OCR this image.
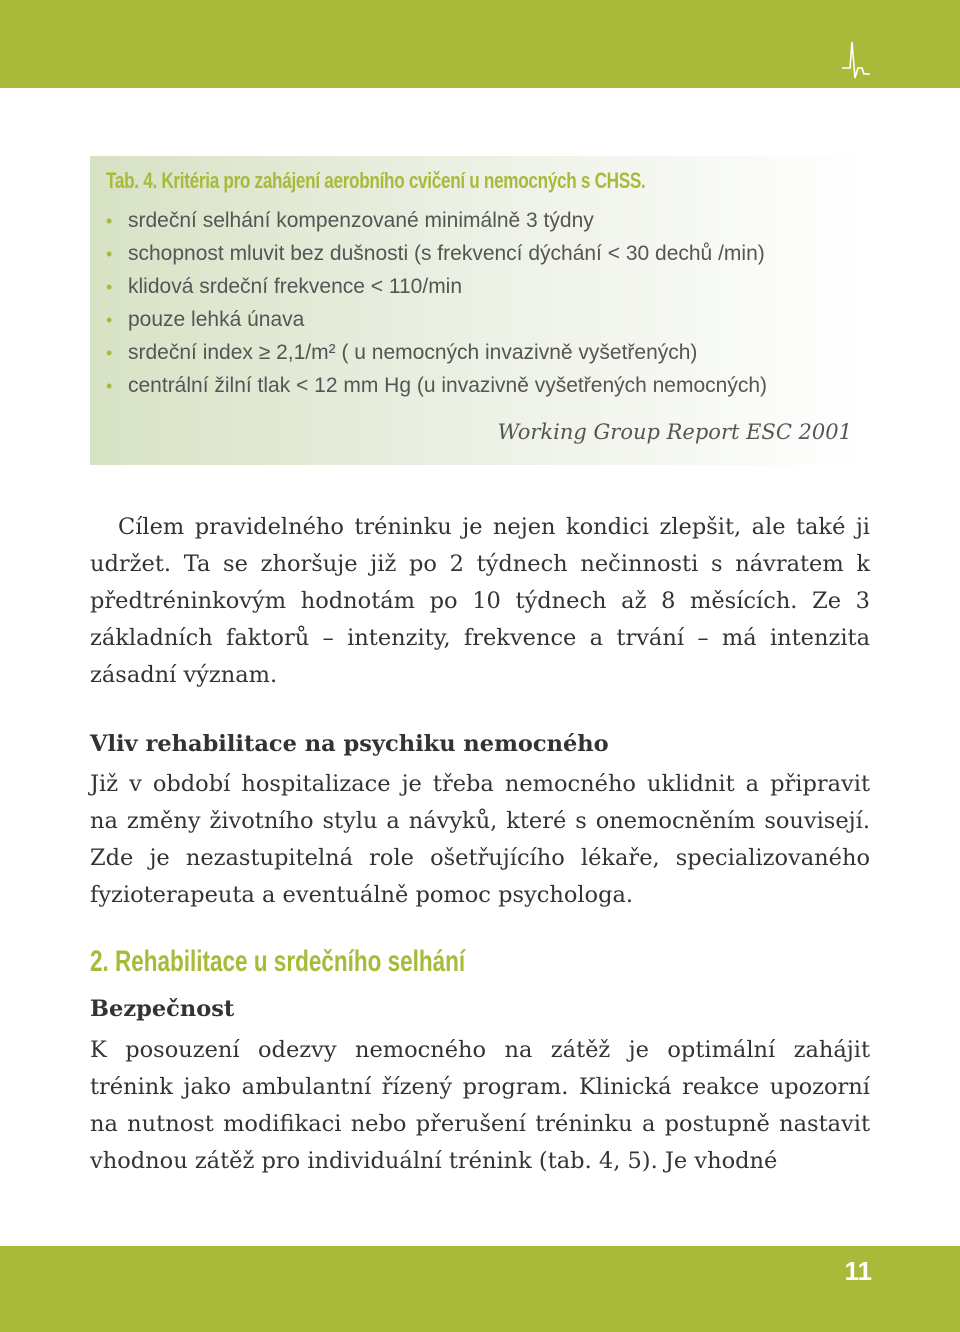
Tab. 4. Kritéria pro zahájení aerobního cvičení u nemocných s CHSS.
• srdeční selhání kompenzované minimálně 3 týdny
• schopnost mluvit bez dušnosti (s frekvencí dýchání < 30 dechů /min)
• klidová srdeční frekvence < 110/min
• pouze lehká únava
• srdeční index ≥ 2,1/m² ( u nemocných invazivně vyšetřených)
• centrální žilní tlak < 12 mm Hg (u invazivně vyšetřených nemocných)
Working Group Report ESC 2001

Cílem pravidelného tréninku je nejen kondici zlepšit, ale také ji udržet. Ta se zhoršuje již po 2 týdnech nečinnosti s návratem k předtréninkovým hodnotám po 10 týdnech až 8 měsících. Ze 3 základních faktorů – intenzity, frekvence a trvání – má intenzita zásadní význam.

Vliv rehabilitace na psychiku nemocného

Již v období hospitalizace je třeba nemocného uklidnit a připravit na změny životního stylu a návyků, které s onemocněním souvisejí. Zde je nezastupitelná role ošetřujícího lékaře, specializovaného fyzioterapeuta a eventuálně pomoc psychologa.

2. Rehabilitace u srdečního selhání
Bezpečnost

K posouzení odezvy nemocného na zátěž je optimální zahájit trénink jako ambulantní řízený program. Klinická reakce upozorní na nutnost modifikaci nebo přerušení tréninku a postupně nastavit vhodnou zátěž pro individuální trénink (tab. 4, 5). Je vhodné

11
